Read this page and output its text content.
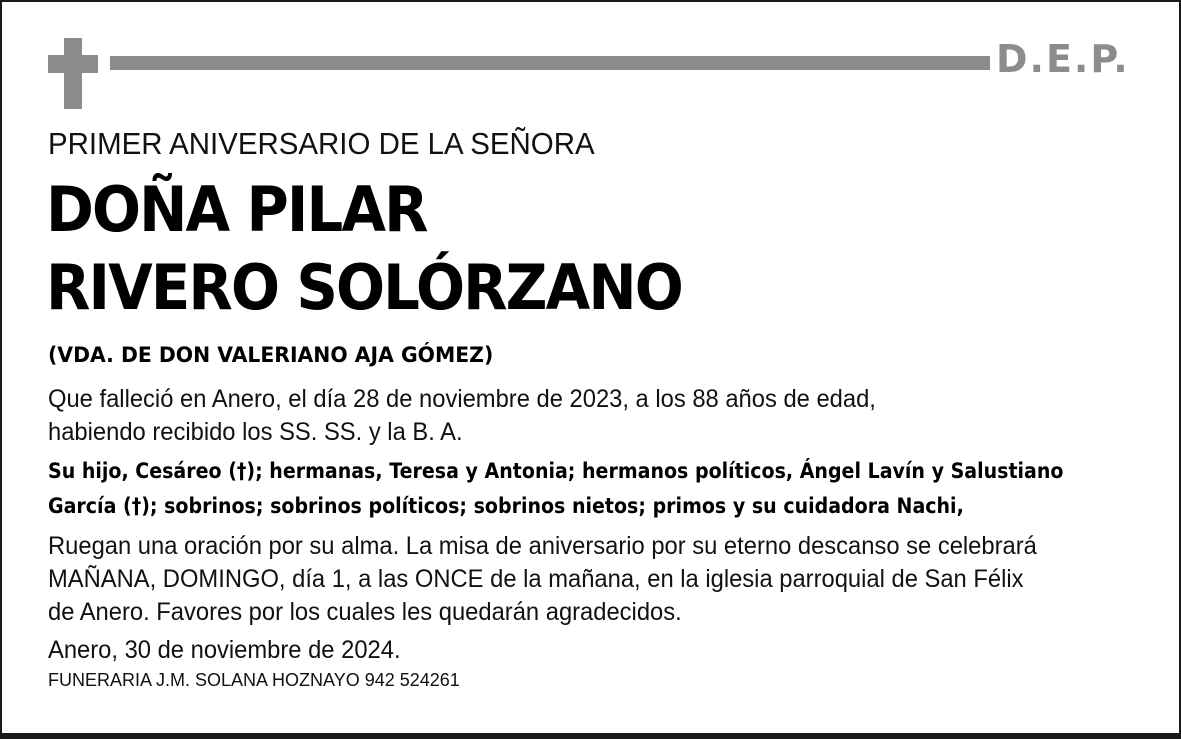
D.E.P.
PRIMER ANIVERSARIO DE LA SEÑORA
DOÑA PILAR
RIVERO SOLÓRZANO
(VDA. DE DON VALERIANO AJA GÓMEZ)
Que falleció en Anero, el día 28 de noviembre de 2023, a los 88 años de edad,
habiendo recibido los SS. SS. y la B. A.
Su hijo, Cesáreo (†); hermanas, Teresa y Antonia; hermanos políticos, Ángel Lavín y Salustiano
García (†); sobrinos; sobrinos políticos; sobrinos nietos; primos y su cuidadora Nachi,
Ruegan una oración por su alma. La misa de aniversario por su eterno descanso se celebrará
MAÑANA, DOMINGO, día 1, a las ONCE de la mañana, en la iglesia parroquial de San Félix
de Anero. Favores por los cuales les quedarán agradecidos.
Anero, 30 de noviembre de 2024.
FUNERARIA J.M. SOLANA HOZNAYO 942 524261
